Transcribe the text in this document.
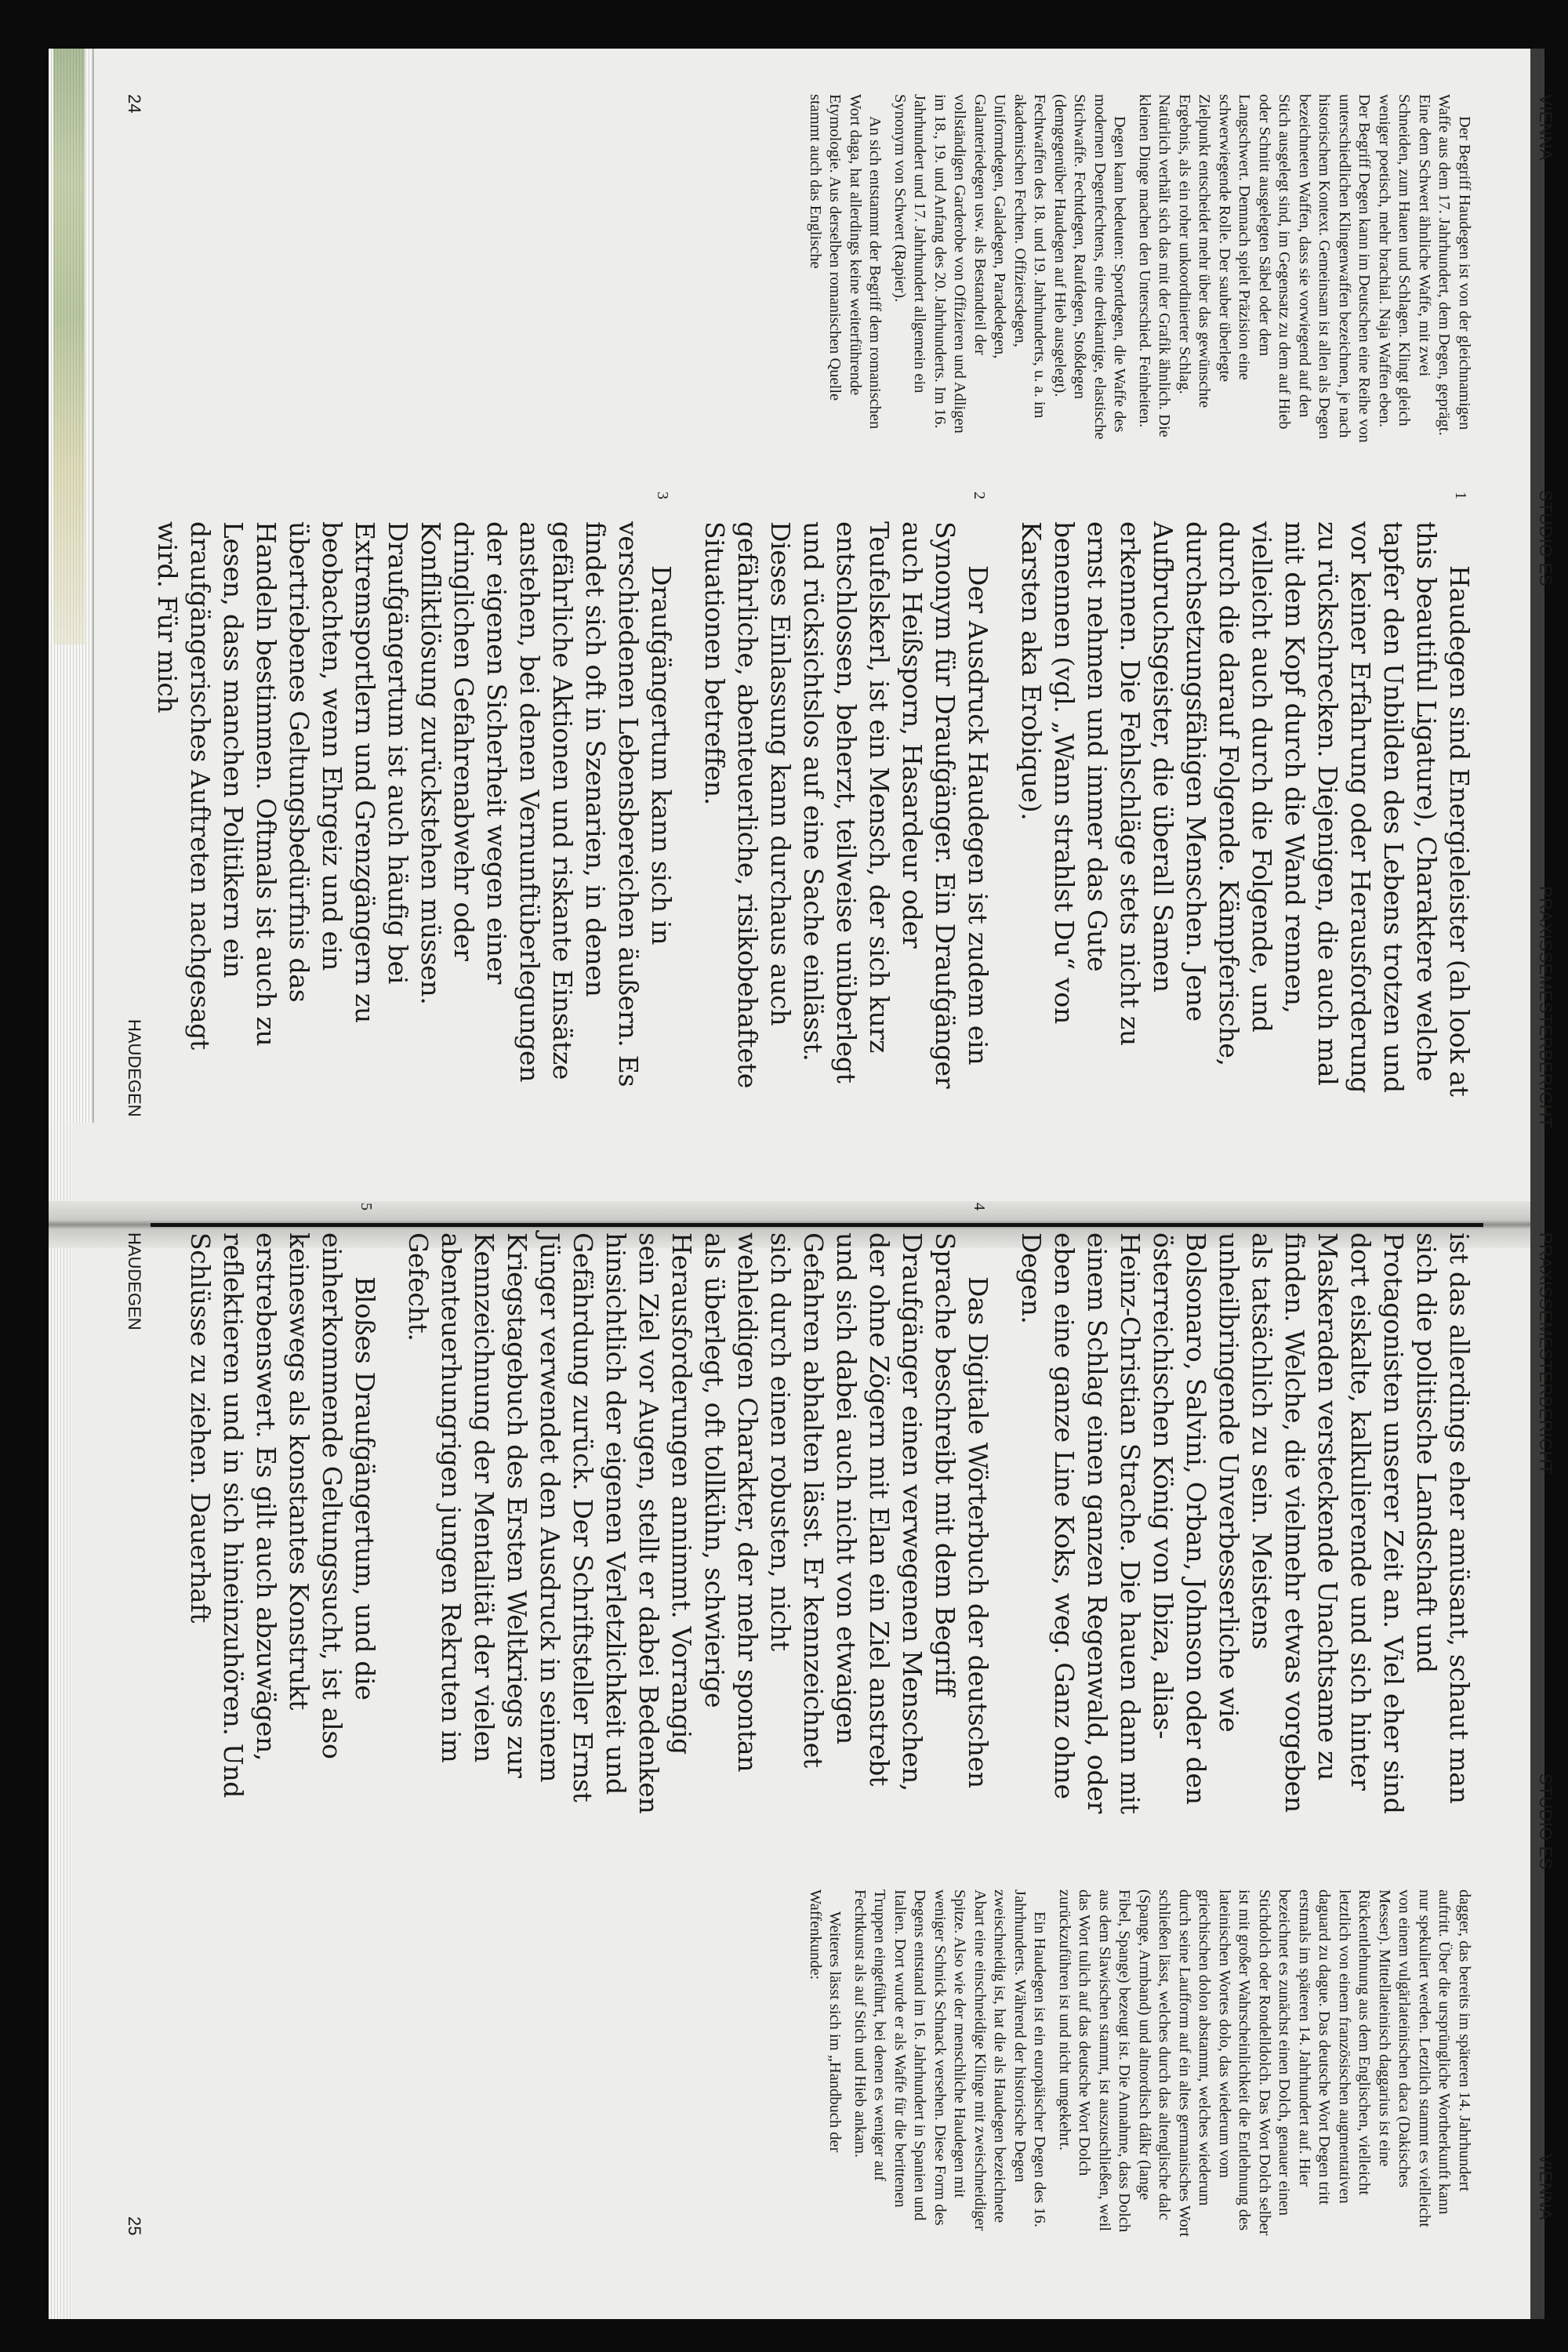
VIENNA
STUDIO ES
PRAXISSEMESTERBERICHT

Der Begriff Haudegen ist von der gleichnamigen Waffe aus dem 17. Jahrhundert, dem Degen, geprägt. Eine dem Schwert ähnliche Waffe, mit zwei Schneiden, zum Hauen und Schlagen. Klingt gleich weniger poetisch, mehr brachial. Naja Waffen eben. Der Begriff Degen kann im Deutschen eine Reihe von unterschiedlichen Klingenwaffen bezeichnen, je nach historischem Kontext. Gemeinsam ist allen als Degen bezeichneten Waffen, dass sie vorwiegend auf den Stich ausgelegt sind, im Gegensatz zu dem auf Hieb oder Schnitt ausgelegten Säbel oder dem Langschwert. Demnach spielt Präzision eine schwerwiegende Rolle. Der sauber überlegte Zielpunkt entscheidet mehr über das gewünschte Ergebnis, als ein roher unkoordinierter Schlag. Natürlich verhält sich das mit der Grafik ähnlich. Die kleinen Dinge machen den Unterschied. Feinheiten.

Degen kann bedeuten: Sportdegen, die Waffe des modernen Degenfechtens, eine dreikantige, elastische Stichwaffe. Fechtdegen, Raufdegen, Stoßdegen (demgegenüber Haudegen auf Hieb ausgelegt). Fechtwaffen des 18. und 19. Jahrhunderts, u. a. im akademischen Fechten. Offiziersdegen, Uniformdegen, Galadegen, Paradedegen, Galanteriedegen usw. als Bestandteil der vollständigen Garderobe von Offizieren und Adligen im 18., 19. und Anfang des 20. Jahrhunderts. Im 16. Jahrhundert und 17. Jahrhundert allgemein ein Synonym von Schwert (Rapier).

An sich entstammt der Begriff dem romanischen Wort daga, hat allerdings keine weiterführende Etymologie. Aus derselben romanischen Quelle stammt auch das Englische

1
Haudegen sind Energieleister (ah look at this beautiful Ligature), Charaktere welche tapfer den Unbilden des Lebens trotzen und vor keiner Erfahrung oder Herausforderung zu rückschrecken. Diejenigen, die auch mal mit dem Kopf durch die Wand rennen, vielleicht auch durch die Folgende, und durch die darauf Folgende. Kämpferische, durchsetzungsfähigen Menschen. Jene Aufbruchsgeister, die überall Samen erkennen. Die Fehlschläge stets nicht zu ernst nehmen und immer das Gute benennen (vgl. „Wann strahlst Du“ von Karsten aka Erobique).

2
Der Ausdruck Haudegen ist zudem ein Synonym für Draufgänger. Ein Draufgänger auch Heißsporn, Hasardeur oder Teufelskerl, ist ein Mensch, der sich kurz entschlossen, beherzt, teilweise unüberlegt und rücksichtslos auf eine Sache einlässt. Dieses Einlassung kann durchaus auch gefährliche, abenteuerliche, risikobehaftete Situationen betreffen.

3
Draufgängertum kann sich in verschiedenen Lebensbereichen äußern. Es findet sich oft in Szenarien, in denen gefährliche Aktionen und riskante Einsätze anstehen, bei denen Vernunftüberlegungen der eigenen Sicherheit wegen einer dringlichen Gefahrenabwehr oder Konfliktlösung zurückstehen müssen. Draufgängertum ist auch häufig bei Extremsportlern und Grenzgängern zu beobachten, wenn Ehrgeiz und ein übertriebenes Geltungsbedürfnis das Handeln bestimmen. Oftmals ist auch zu Lesen, dass manchen Politikern ein draufgängerisches Auftreten nachgesagt wird. Für mich

24
HAUDEGEN
PRAXISSEMESTERBERICHT
STUDIO ES
VIENNA

ist das allerdings eher amüsant, schaut man sich die politische Landschaft und Protagonisten unserer Zeit an. Viel eher sind dort eiskalte, kalkulierende und sich hinter Maskeraden versteckende Unachtsame zu finden. Welche, die vielmehr etwas vorgeben als tatsächlich zu sein. Meistens unheilbringende Unverbesserliche wie Bolsonaro, Salvini, Orban, Johnson oder den österreichischen König von Ibiza, alias-Heinz-Christian Strache. Die hauen dann mit einem Schlag einen ganzen Regenwald, oder eben eine ganze Line Koks, weg. Ganz ohne Degen.

4
Das Digitale Wörterbuch der deutschen Sprache beschreibt mit dem Begriff Draufgänger einen verwegenen Menschen, der ohne Zögern mit Elan ein Ziel anstrebt und sich dabei auch nicht von etwaigen Gefahren abhalten lässt. Er kennzeichnet sich durch einen robusten, nicht wehleidigen Charakter, der mehr spontan als überlegt, oft tollkühn, schwierige Herausforderungen annimmt. Vorrangig sein Ziel vor Augen, stellt er dabei Bedenken hinsichtlich der eigenen Verletzlichkeit und Gefährdung zurück. Der Schriftsteller Ernst Jünger verwendet den Ausdruck in seinem Kriegstagebuch des Ersten Weltkriegs zur Kennzeichnung der Mentalität der vielen abenteuerhungrigen jungen Rekruten im Gefecht.

5
Bloßes Draufgängertum, und die einherkommende Geltungssucht, ist also keineswegs als konstantes Konstrukt erstrebenswert. Es gilt auch abzuwägen, reflektieren und in sich hineinzuhören. Und Schlüsse zu ziehen. Dauerhaft

dagger, das bereits im späteren 14. Jahrhundert auftritt. Über die ursprüngliche Wortherkunft kann nur spekuliert werden. Letztlich stammt es vielleicht von einem vulgärlateinischen daca (Dakisches Messer). Mittellateinisch daggarius ist eine Rückentlehnung aus dem Englischen, vielleicht letztlich von einem französischen augmentativen daguard zu dague. Das deutsche Wort Degen tritt erstmals im späteren 14. Jahrhundert auf. Hier bezeichnet es zunächst einen Dolch, genauer einen Stichdolch oder Rondelldolch. Das Wort Dolch selber ist mit großer Wahrscheinlichkeit die Entlehnung des lateinischen Wortes dolo, das wiederum vom griechischen dolon abstammt, welches wiederum durch seine Laufform auf ein altes germanisches Wort schließen lässt, welches durch das altenglische dalc (Spange, Armband) und altnordisch dálkr (lange Fibel, Spange) bezeugt ist. Die Annahme, dass Dolch aus dem Slawischen stammt, ist auszuschließen, weil das Wort tulich auf das deutsche Wort Dolch zurückzuführen ist und nicht umgekehrt.

Ein Haudegen ist ein europäischer Degen des 16. Jahrhunderts. Während der historische Degen zweischneidig ist, hat die als Haudegen bezeichnete Abart eine einschneidige Klinge mit zweischneidiger Spitze. Also wie der menschliche Haudegen mit weniger Schnick Schnack versehen. Diese Form des Degens entstand im 16. Jahrhundert in Spanien und Italien. Dort wurde er als Waffe für die berittenen Truppen eingeführt, bei denen es weniger auf Fechtkunst als auf Stich und Hieb ankam.

Weiteres lässt sich im „Handbuch der Waffenkunde:

HAUDEGEN
25
